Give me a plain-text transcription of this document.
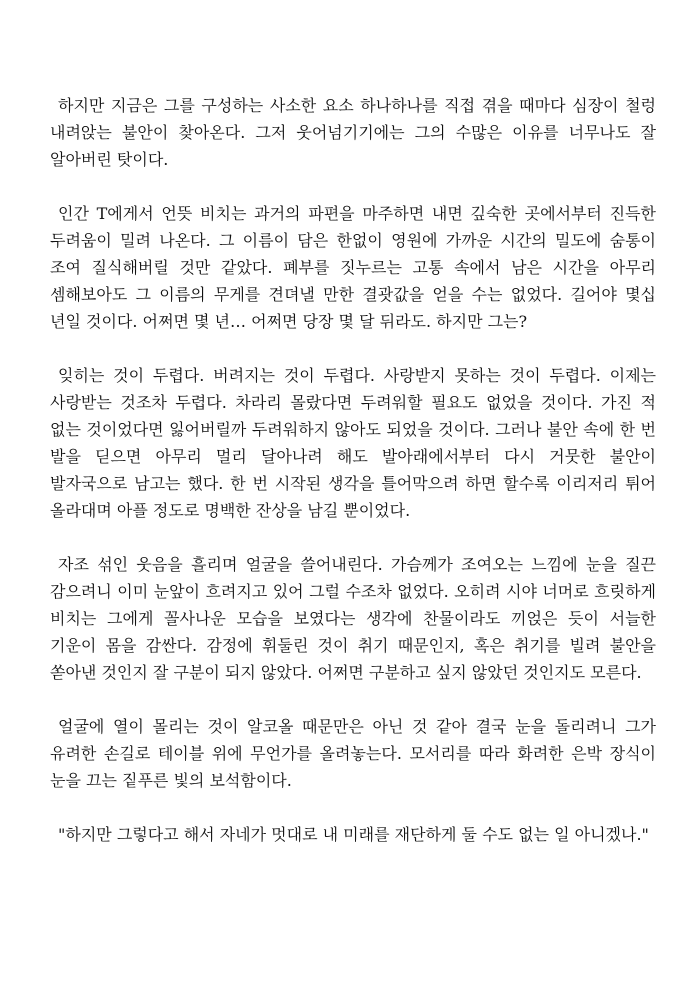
하지만 지금은 그를 구성하는 사소한 요소 하나하나를 직접 겪을 때마다 심장이 철렁 내려앉는 불안이 찾아온다. 그저 웃어넘기기에는 그의 수많은 이유를 너무나도 잘 알아버린 탓이다.

인간 T에게서 언뜻 비치는 과거의 파편을 마주하면 내면 깊숙한 곳에서부터 진득한 두려움이 밀려 나온다. 그 이름이 담은 한없이 영원에 가까운 시간의 밀도에 숨통이 조여 질식해버릴 것만 같았다. 폐부를 짓누르는 고통 속에서 남은 시간을 아무리 셈해보아도 그 이름의 무게를 견뎌낼 만한 결괏값을 얻을 수는 없었다. 길어야 몇십 년일 것이다. 어쩌면 몇 년… 어쩌면 당장 몇 달 뒤라도. 하지만 그는?

잊히는 것이 두렵다. 버려지는 것이 두렵다. 사랑받지 못하는 것이 두렵다. 이제는 사랑받는 것조차 두렵다. 차라리 몰랐다면 두려워할 필요도 없었을 것이다. 가진 적 없는 것이었다면 잃어버릴까 두려워하지 않아도 되었을 것이다. 그러나 불안 속에 한 번 발을 딛으면 아무리 멀리 달아나려 해도 발아래에서부터 다시 거뭇한 불안이 발자국으로 남고는 했다. 한 번 시작된 생각을 틀어막으려 하면 할수록 이리저리 튀어 올라대며 아플 정도로 명백한 잔상을 남길 뿐이었다.

자조 섞인 웃음을 흘리며 얼굴을 쓸어내린다. 가슴께가 조여오는 느낌에 눈을 질끈 감으려니 이미 눈앞이 흐려지고 있어 그럴 수조차 없었다. 오히려 시야 너머로 흐릿하게 비치는 그에게 꼴사나운 모습을 보였다는 생각에 찬물이라도 끼얹은 듯이 서늘한 기운이 몸을 감싼다. 감정에 휘둘린 것이 취기 때문인지, 혹은 취기를 빌려 불안을 쏟아낸 것인지 잘 구분이 되지 않았다. 어쩌면 구분하고 싶지 않았던 것인지도 모른다.

얼굴에 열이 몰리는 것이 알코올 때문만은 아닌 것 같아 결국 눈을 돌리려니 그가 유려한 손길로 테이블 위에 무언가를 올려놓는다. 모서리를 따라 화려한 은박 장식이 눈을 끄는 짙푸른 빛의 보석함이다.

"하지만 그렇다고 해서 자네가 멋대로 내 미래를 재단하게 둘 수도 없는 일 아니겠나."
